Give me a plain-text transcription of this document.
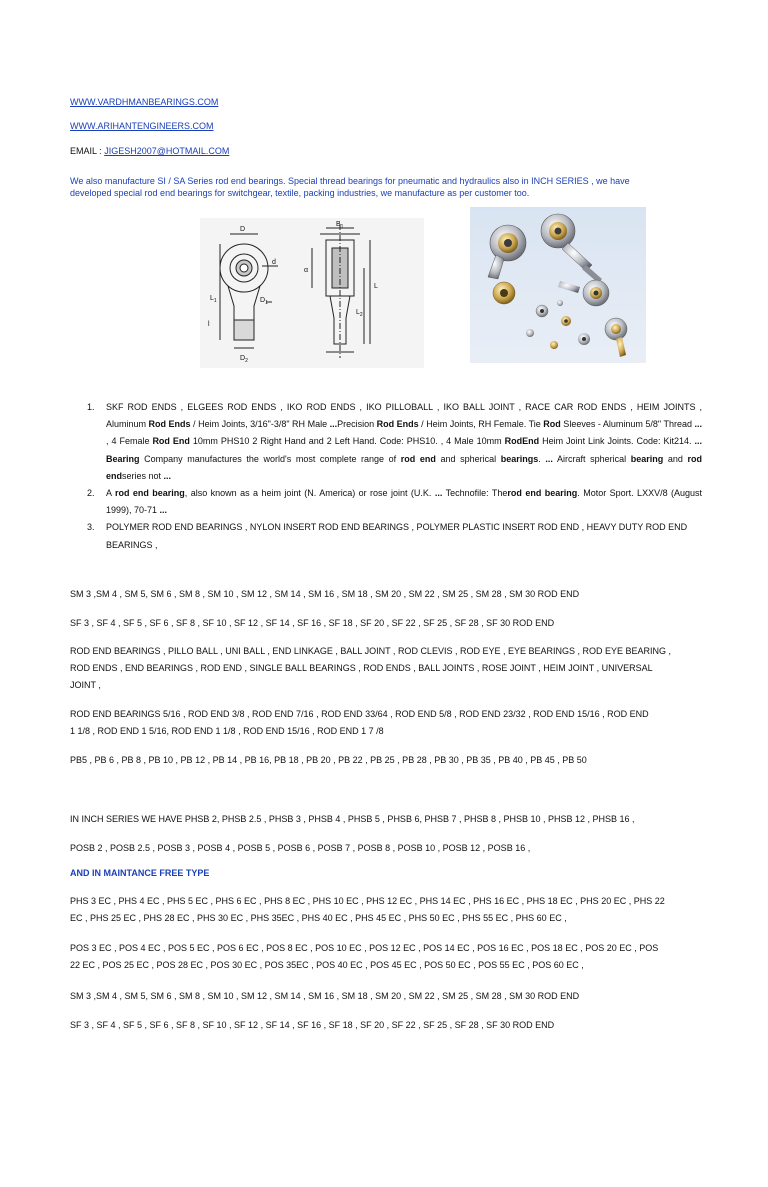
WWW.VARDHMANBEARINGS.COM
WWW.ARIHANTENGINEERS.COM
EMAIL : JIGESH2007@HOTMAIL.COM
We also manufacture SI / SA Series rod end bearings. Special thread bearings for pneumatic and hydraulics also in INCH SERIES , we have
developed special rod end bearings for switchgear, textile, packing industries, we manufacture as per customer too.
D
d
$L_1$
l
$D_1$
$D_2$
$B_1$
L
$L_2$
α
1. SKF ROD ENDS , ELGEES ROD ENDS , IKO ROD ENDS , IKO PILLOBALL , IKO BALL JOINT , RACE CAR ROD ENDS , HEIM JOINTS , Aluminum Rod Ends / Heim Joints, 3/16"-3/8" RH Male ...Precision Rod Ends / Heim Joints, RH Female. Tie Rod Sleeves - Aluminum 5/8" Thread ... , 4 Female Rod End 10mm PHS10 2 Right Hand and 2 Left Hand. Code: PHS10. , 4 Male 10mm RodEnd Heim Joint Link Joints. Code: Kit214. ... Bearing Company manufactures the world's most complete range of rod end and spherical bearings. ... Aircraft spherical bearing and rod endseries not ...
2. A rod end bearing, also known as a heim joint (N. America) or rose joint (U.K. ... Technofile: Therod end bearing. Motor Sport. LXXV/8 (August 1999), 70-71 ...
3. POLYMER ROD END BEARINGS , NYLON INSERT ROD END BEARINGS , POLYMER PLASTIC INSERT ROD END , HEAVY DUTY ROD END BEARINGS ,
SM 3 ,SM 4 , SM 5, SM 6 , SM 8 , SM 10 , SM 12 , SM 14 , SM 16 , SM 18 , SM 20 , SM 22 , SM 25 , SM 28 , SM 30 ROD END
SF 3 , SF 4 , SF 5 , SF 6 , SF 8 , SF 10 , SF 12 , SF 14 , SF 16 , SF 18 , SF 20 , SF 22 , SF 25 , SF 28 , SF 30 ROD END
ROD END BEARINGS , PILLO BALL , UNI BALL , END LINKAGE , BALL JOINT , ROD CLEVIS , ROD EYE , EYE BEARINGS , ROD EYE BEARING ,
ROD ENDS , END BEARINGS , ROD END , SINGLE BALL BEARINGS , ROD ENDS , BALL JOINTS , ROSE JOINT , HEIM JOINT , UNIVERSAL
JOINT ,
ROD END BEARINGS 5/16 , ROD END 3/8 , ROD END 7/16 , ROD END 33/64 , ROD END 5/8 , ROD END 23/32 , ROD END 15/16 , ROD END
1 1/8 , ROD END 1 5/16, ROD END 1 1/8 , ROD END 15/16 , ROD END 1 7 /8
PB5 , PB 6 , PB 8 , PB 10 , PB 12 , PB 14 , PB 16, PB 18 , PB 20 , PB 22 , PB 25 , PB 28 , PB 30 , PB 35 , PB 40 , PB 45 , PB 50
IN INCH SERIES WE HAVE PHSB 2, PHSB 2.5 , PHSB 3 , PHSB 4 , PHSB 5 , PHSB 6, PHSB 7 , PHSB 8 , PHSB 10 , PHSB 12 , PHSB 16 ,
POSB 2 , POSB 2.5 , POSB 3 , POSB 4 , POSB 5 , POSB 6 , POSB 7 , POSB 8 , POSB 10 , POSB 12 , POSB 16 ,
AND IN MAINTANCE FREE TYPE
PHS 3 EC , PHS 4 EC , PHS 5 EC , PHS 6 EC , PHS 8 EC , PHS 10 EC , PHS 12 EC , PHS 14 EC , PHS 16 EC , PHS 18 EC , PHS 20 EC , PHS 22
EC , PHS 25 EC , PHS 28 EC , PHS 30 EC , PHS 35EC , PHS 40 EC , PHS 45 EC , PHS 50 EC , PHS 55 EC , PHS 60 EC ,
POS 3 EC , POS 4 EC , POS 5 EC , POS 6 EC , POS 8 EC , POS 10 EC , POS 12 EC , POS 14 EC , POS 16 EC , POS 18 EC , POS 20 EC , POS
22 EC , POS 25 EC , POS 28 EC , POS 30 EC , POS 35EC , POS 40 EC , POS 45 EC , POS 50 EC , POS 55 EC , POS 60 EC ,
SM 3 ,SM 4 , SM 5, SM 6 , SM 8 , SM 10 , SM 12 , SM 14 , SM 16 , SM 18 , SM 20 , SM 22 , SM 25 , SM 28 , SM 30 ROD END
SF 3 , SF 4 , SF 5 , SF 6 , SF 8 , SF 10 , SF 12 , SF 14 , SF 16 , SF 18 , SF 20 , SF 22 , SF 25 , SF 28 , SF 30 ROD END
